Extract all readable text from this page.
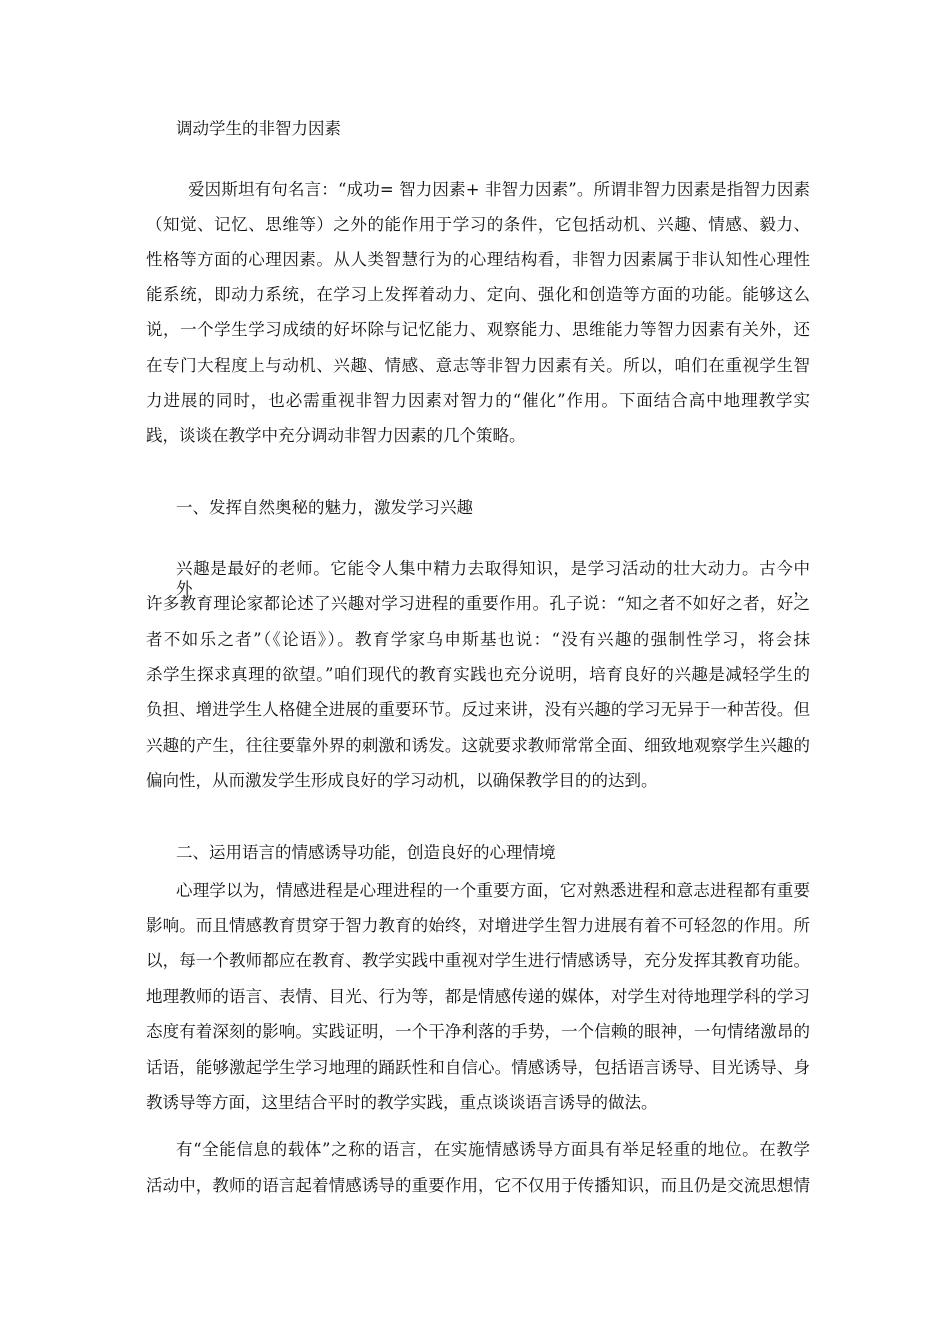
调动学生的非智力因素
爱因斯坦有句名言：“成功= 智力因素+ 非智力因素”。所谓非智力因素是指智力因素
（知觉、记忆、思维等）之外的能作用于学习的条件，它包括动机、兴趣、情感、毅力、
性格等方面的心理因素。从人类智慧行为的心理结构看，非智力因素属于非认知性心理性
能系统，即动力系统，在学习上发挥着动力、定向、强化和创造等方面的功能。能够这么
说，一个学生学习成绩的好坏除与记忆能力、观察能力、思维能力等智力因素有关外，还
在专门大程度上与动机、兴趣、情感、意志等非智力因素有关。所以，咱们在重视学生智
力进展的同时，也必需重视非智力因素对智力的“催化”作用。下面结合高中地理教学实
践，谈谈在教学中充分调动非智力因素的几个策略。
一、发挥自然奥秘的魅力，激发学习兴趣
兴趣是最好的老师。它能令人集中精力去取得知识，是学习活动的壮大动力。古今中外，
许多教育理论家都论述了兴趣对学习进程的重要作用。孔子说：“知之者不如好之者，好之
者不如乐之者”（《论语》）。教育学家乌申斯基也说：“没有兴趣的强制性学习，将会抹
杀学生探求真理的欲望。”咱们现代的教育实践也充分说明，培育良好的兴趣是减轻学生的
负担、增进学生人格健全进展的重要环节。反过来讲，没有兴趣的学习无异于一种苦役。但
兴趣的产生，往往要靠外界的刺激和诱发。这就要求教师常常全面、细致地观察学生兴趣的
偏向性，从而激发学生形成良好的学习动机，以确保教学目的的达到。
二、运用语言的情感诱导功能，创造良好的心理情境
心理学以为，情感进程是心理进程的一个重要方面，它对熟悉进程和意志进程都有重要
影响。而且情感教育贯穿于智力教育的始终，对增进学生智力进展有着不可轻忽的作用。所
以，每一个教师都应在教育、教学实践中重视对学生进行情感诱导，充分发挥其教育功能。
地理教师的语言、表情、目光、行为等，都是情感传递的媒体，对学生对待地理学科的学习
态度有着深刻的影响。实践证明，一个干净利落的手势，一个信赖的眼神，一句情绪激昂的
话语，能够激起学生学习地理的踊跃性和自信心。情感诱导，包括语言诱导、目光诱导、身
教诱导等方面，这里结合平时的教学实践，重点谈谈语言诱导的做法。
有“全能信息的载体”之称的语言，在实施情感诱导方面具有举足轻重的地位。在教学
活动中，教师的语言起着情感诱导的重要作用，它不仅用于传播知识，而且仍是交流思想情
